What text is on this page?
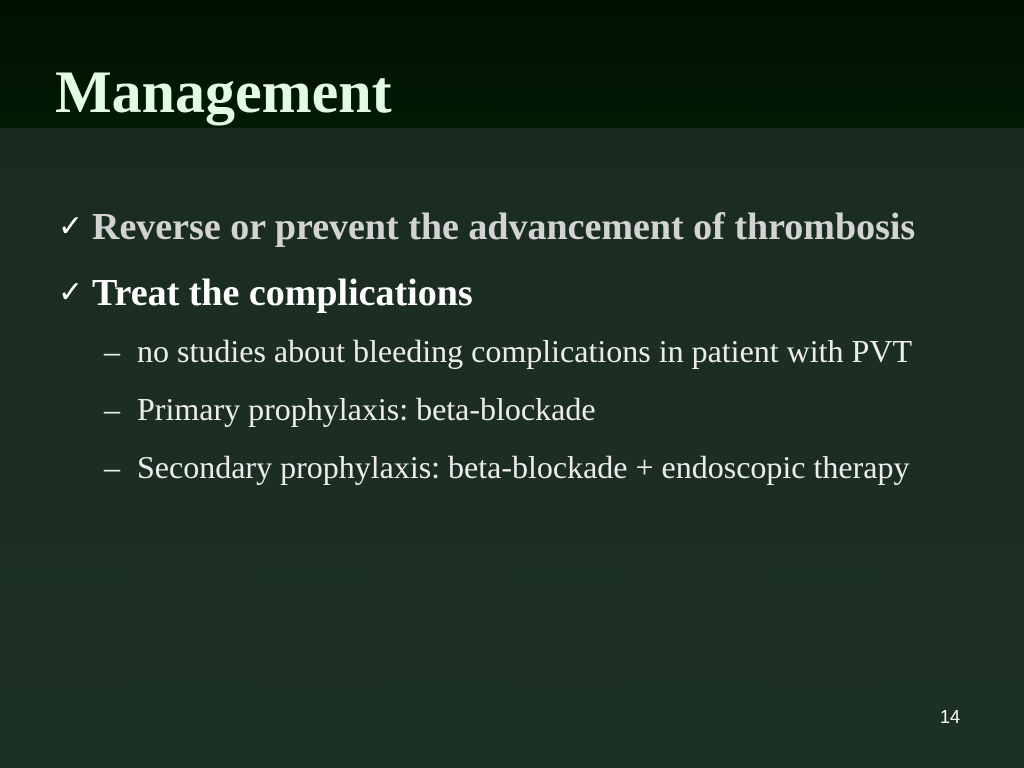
Management
✓ Reverse or prevent the advancement of thrombosis
✓ Treat the complications
– no studies about bleeding complications in patient with PVT
– Primary prophylaxis: beta-blockade
– Secondary prophylaxis: beta-blockade + endoscopic therapy
14
